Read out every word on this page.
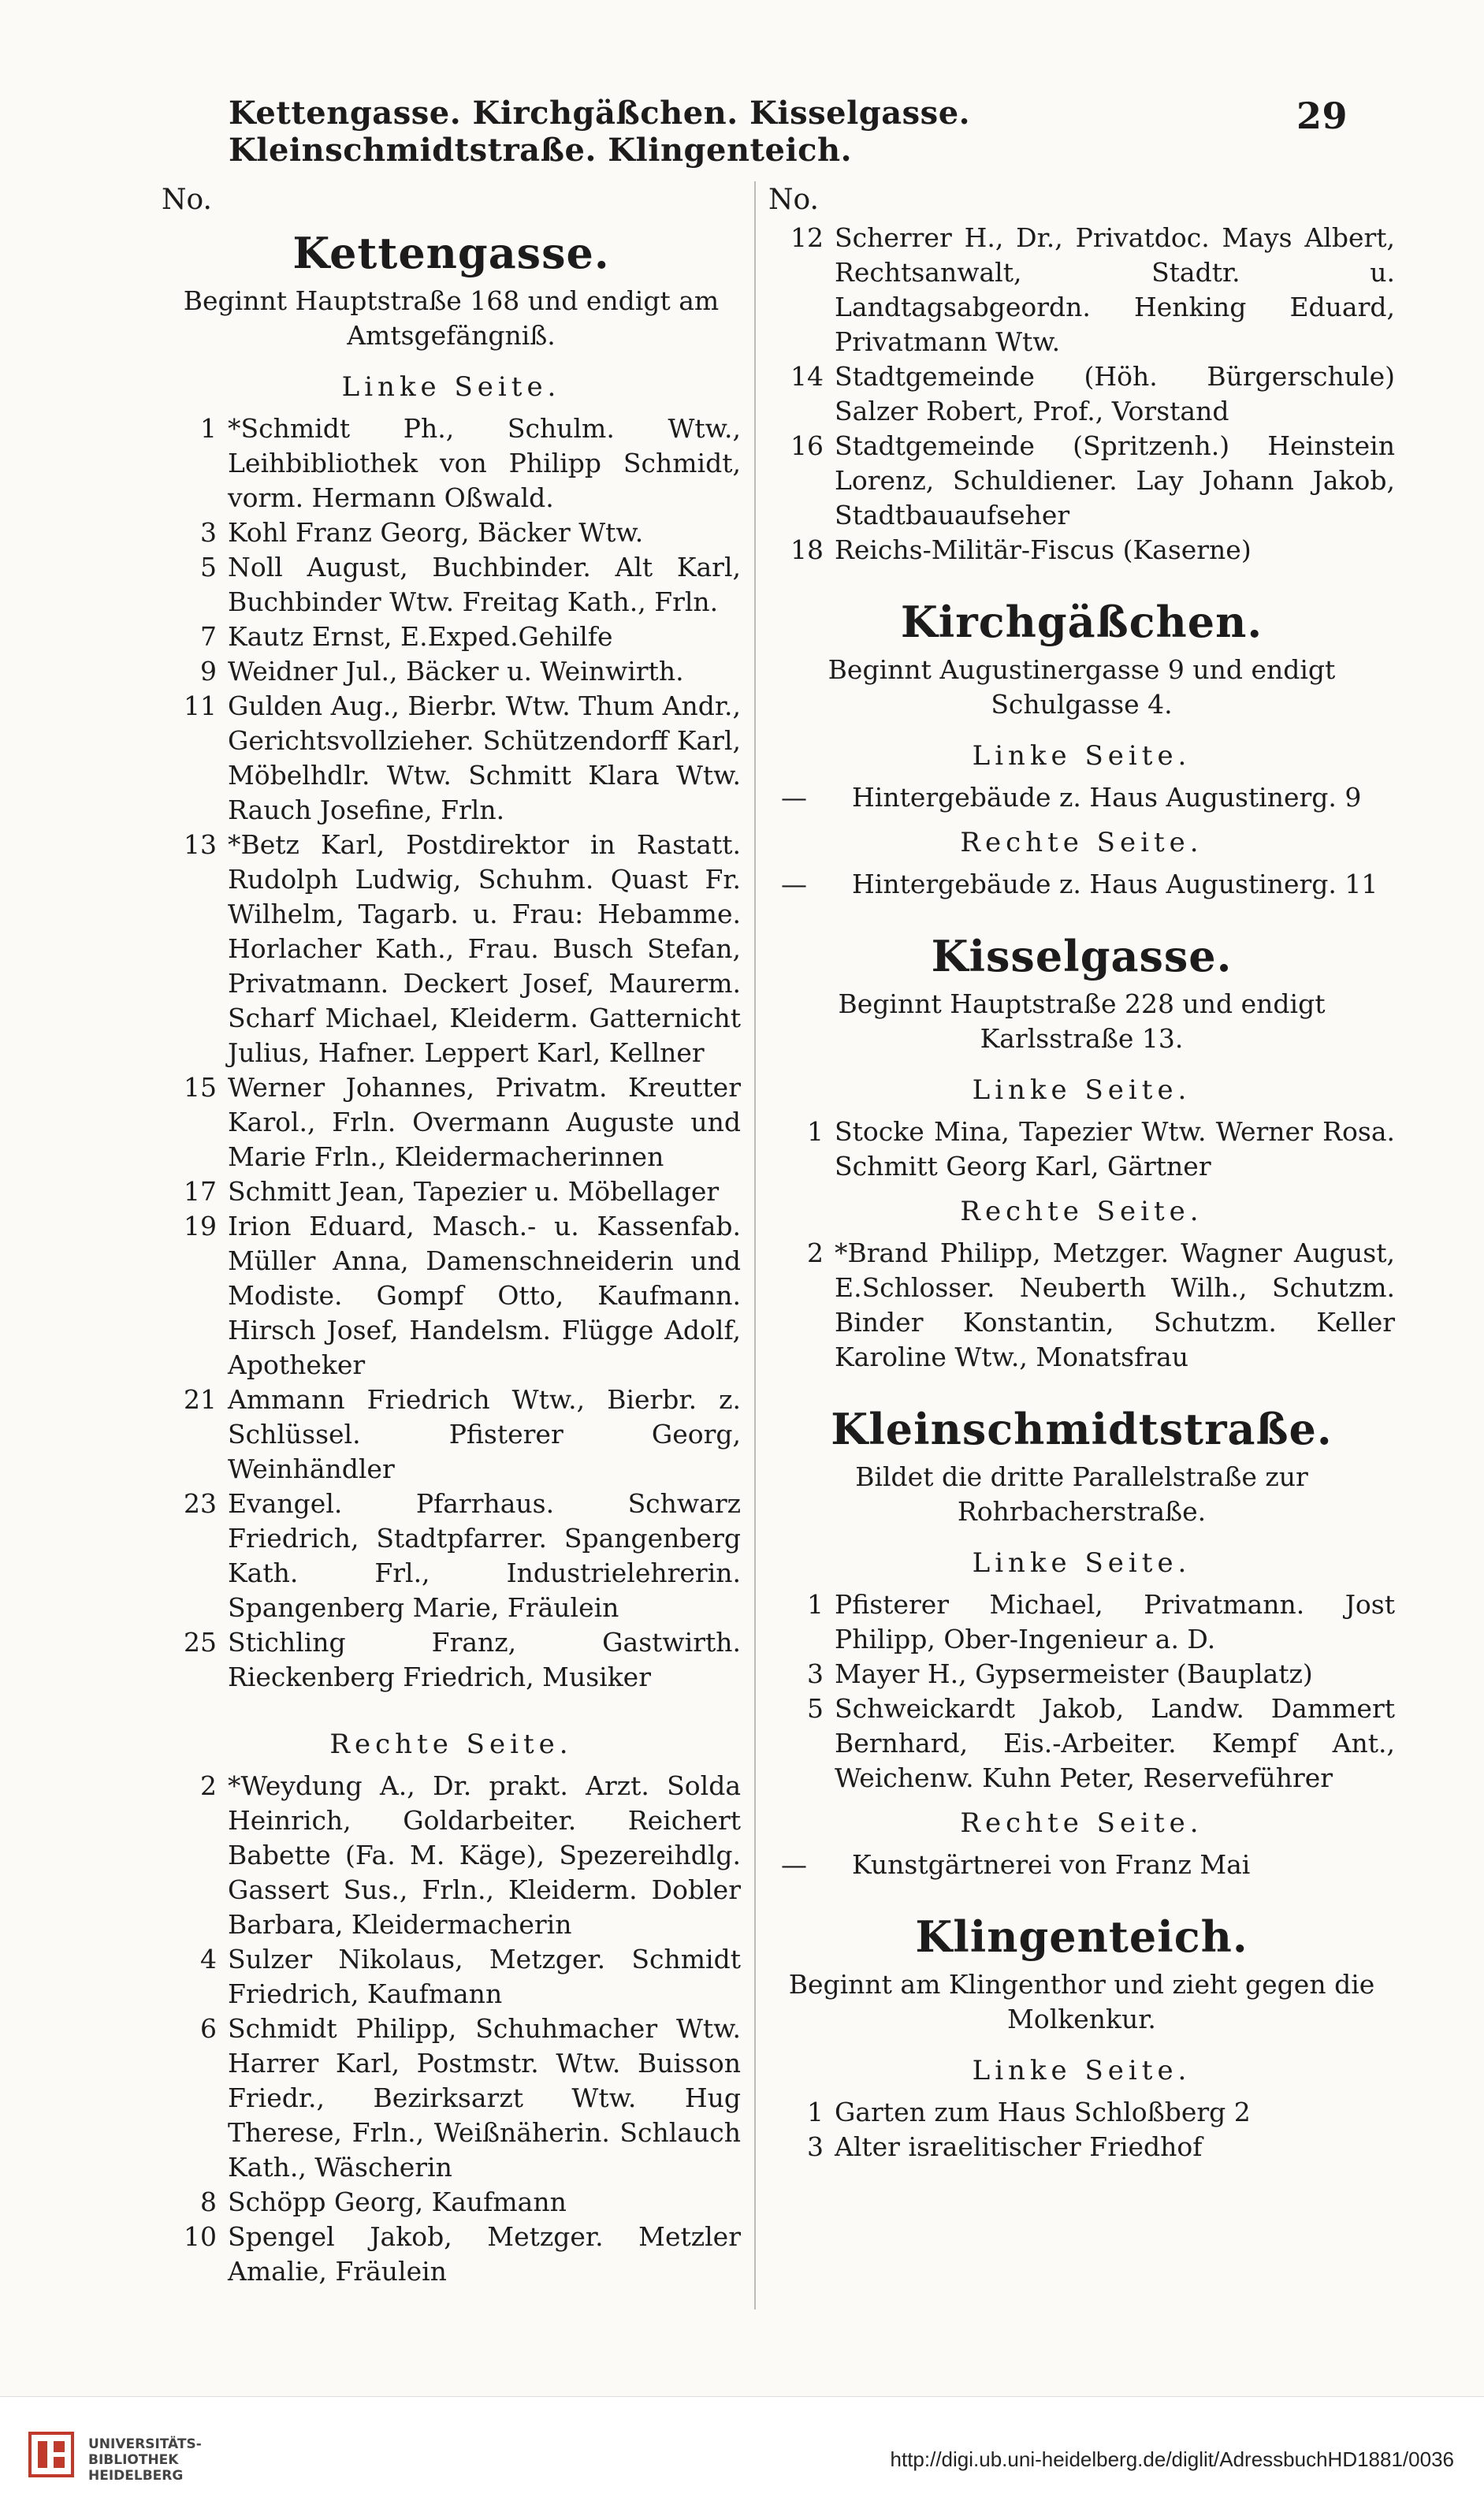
Kettengasse. Kirchgäßchen. Kisselgasse. Kleinschmidtstraße. Klingenteich.
29
No.
Kettengasse.
Beginnt Hauptstraße 168 und endigt am Amtsgefängniß.
Linke Seite.
1 *Schmidt Ph., Schulm. Wtw., Leihbibliothek von Philipp Schmidt, vorm. Hermann Oßwald.
3 Kohl Franz Georg, Bäcker Wtw.
5 Noll August, Buchbinder. Alt Karl, Buchbinder Wtw. Freitag Kath., Frln.
7 Kautz Ernst, E.Exped.Gehilfe
9 Weidner Jul., Bäcker u. Weinwirth.
11 Gulden Aug., Bierbr. Wtw. Thum Andr., Gerichtsvollzieher. Schützendorff Karl, Möbelhdlr. Wtw. Schmitt Klara Wtw. Rauch Josefine, Frln.
13 *Betz Karl, Postdirektor in Rastatt. Rudolph Ludwig, Schuhm. Quast Fr. Wilhelm, Tagarb. u. Frau: Hebamme. Horlacher Kath., Frau. Busch Stefan, Privatmann. Deckert Josef, Maurerm. Scharf Michael, Kleiderm. Gatternicht Julius, Hafner. Leppert Karl, Kellner
15 Werner Johannes, Privatm. Kreutter Karol., Frln. Overmann Auguste und Marie Frln., Kleidermacherinnen
17 Schmitt Jean, Tapezier u. Möbellager
19 Irion Eduard, Masch.- u. Kassenfab. Müller Anna, Damenschneiderin und Modiste. Gompf Otto, Kaufmann. Hirsch Josef, Handelsm. Flügge Adolf, Apotheker
21 Ammann Friedrich Wtw., Bierbr. z. Schlüssel. Pfisterer Georg, Weinhändler
23 Evangel. Pfarrhaus. Schwarz Friedrich, Stadtpfarrer. Spangenberg Kath. Frl., Industrielehrerin. Spangenberg Marie, Fräulein
25 Stichling Franz, Gastwirth. Rieckenberg Friedrich, Musiker
Rechte Seite.
2 *Weydung A., Dr. prakt. Arzt. Solda Heinrich, Goldarbeiter. Reichert Babette (Fa. M. Käge), Spezereihdlg. Gassert Sus., Frln., Kleiderm. Dobler Barbara, Kleidermacherin
4 Sulzer Nikolaus, Metzger. Schmidt Friedrich, Kaufmann
6 Schmidt Philipp, Schuhmacher Wtw. Harrer Karl, Postmstr. Wtw. Buisson Friedr., Bezirksarzt Wtw. Hug Therese, Frln., Weißnäherin. Schlauch Kath., Wäscherin
8 Schöpp Georg, Kaufmann
10 Spengel Jakob, Metzger. Metzler Amalie, Fräulein
No.
12 Scherrer H., Dr., Privatdoc. Mays Albert, Rechtsanwalt, Stadtr. u. Landtagsabgeordn. Henking Eduard, Privatmann Wtw.
14 Stadtgemeinde (Höh. Bürgerschule) Salzer Robert, Prof., Vorstand
16 Stadtgemeinde (Spritzenh.) Heinstein Lorenz, Schuldiener. Lay Johann Jakob, Stadtbauaufseher
18 Reichs-Militär-Fiscus (Kaserne)
Kirchgäßchen.
Beginnt Augustinergasse 9 und endigt Schulgasse 4.
Linke Seite.
—	Hintergebäude z. Haus Augustinerg. 9
Rechte Seite.
—	Hintergebäude z. Haus Augustinerg. 11
Kisselgasse.
Beginnt Hauptstraße 228 und endigt Karlsstraße 13.
Linke Seite.
1 Stocke Mina, Tapezier Wtw. Werner Rosa. Schmitt Georg Karl, Gärtner
Rechte Seite.
2 *Brand Philipp, Metzger. Wagner August, E.Schlosser. Neuberth Wilh., Schutzm. Binder Konstantin, Schutzm. Keller Karoline Wtw., Monatsfrau
Kleinschmidtstraße.
Bildet die dritte Parallelstraße zur Rohrbacherstraße.
Linke Seite.
1 Pfisterer Michael, Privatmann. Jost Philipp, Ober-Ingenieur a. D.
3 Mayer H., Gypsermeister (Bauplatz)
5 Schweickardt Jakob, Landw. Dammert Bernhard, Eis.-Arbeiter. Kempf Ant., Weichenw. Kuhn Peter, Reserveführer
Rechte Seite.
—	Kunstgärtnerei von Franz Mai
Klingenteich.
Beginnt am Klingenthor und zieht gegen die Molkenkur.
Linke Seite.
1 Garten zum Haus Schloßberg 2
3 Alter israelitischer Friedhof
UNIVERSITÄTS-
BIBLIOTHEK
HEIDELBERG
http://digi.ub.uni-heidelberg.de/diglit/AdressbuchHD1881/0036
